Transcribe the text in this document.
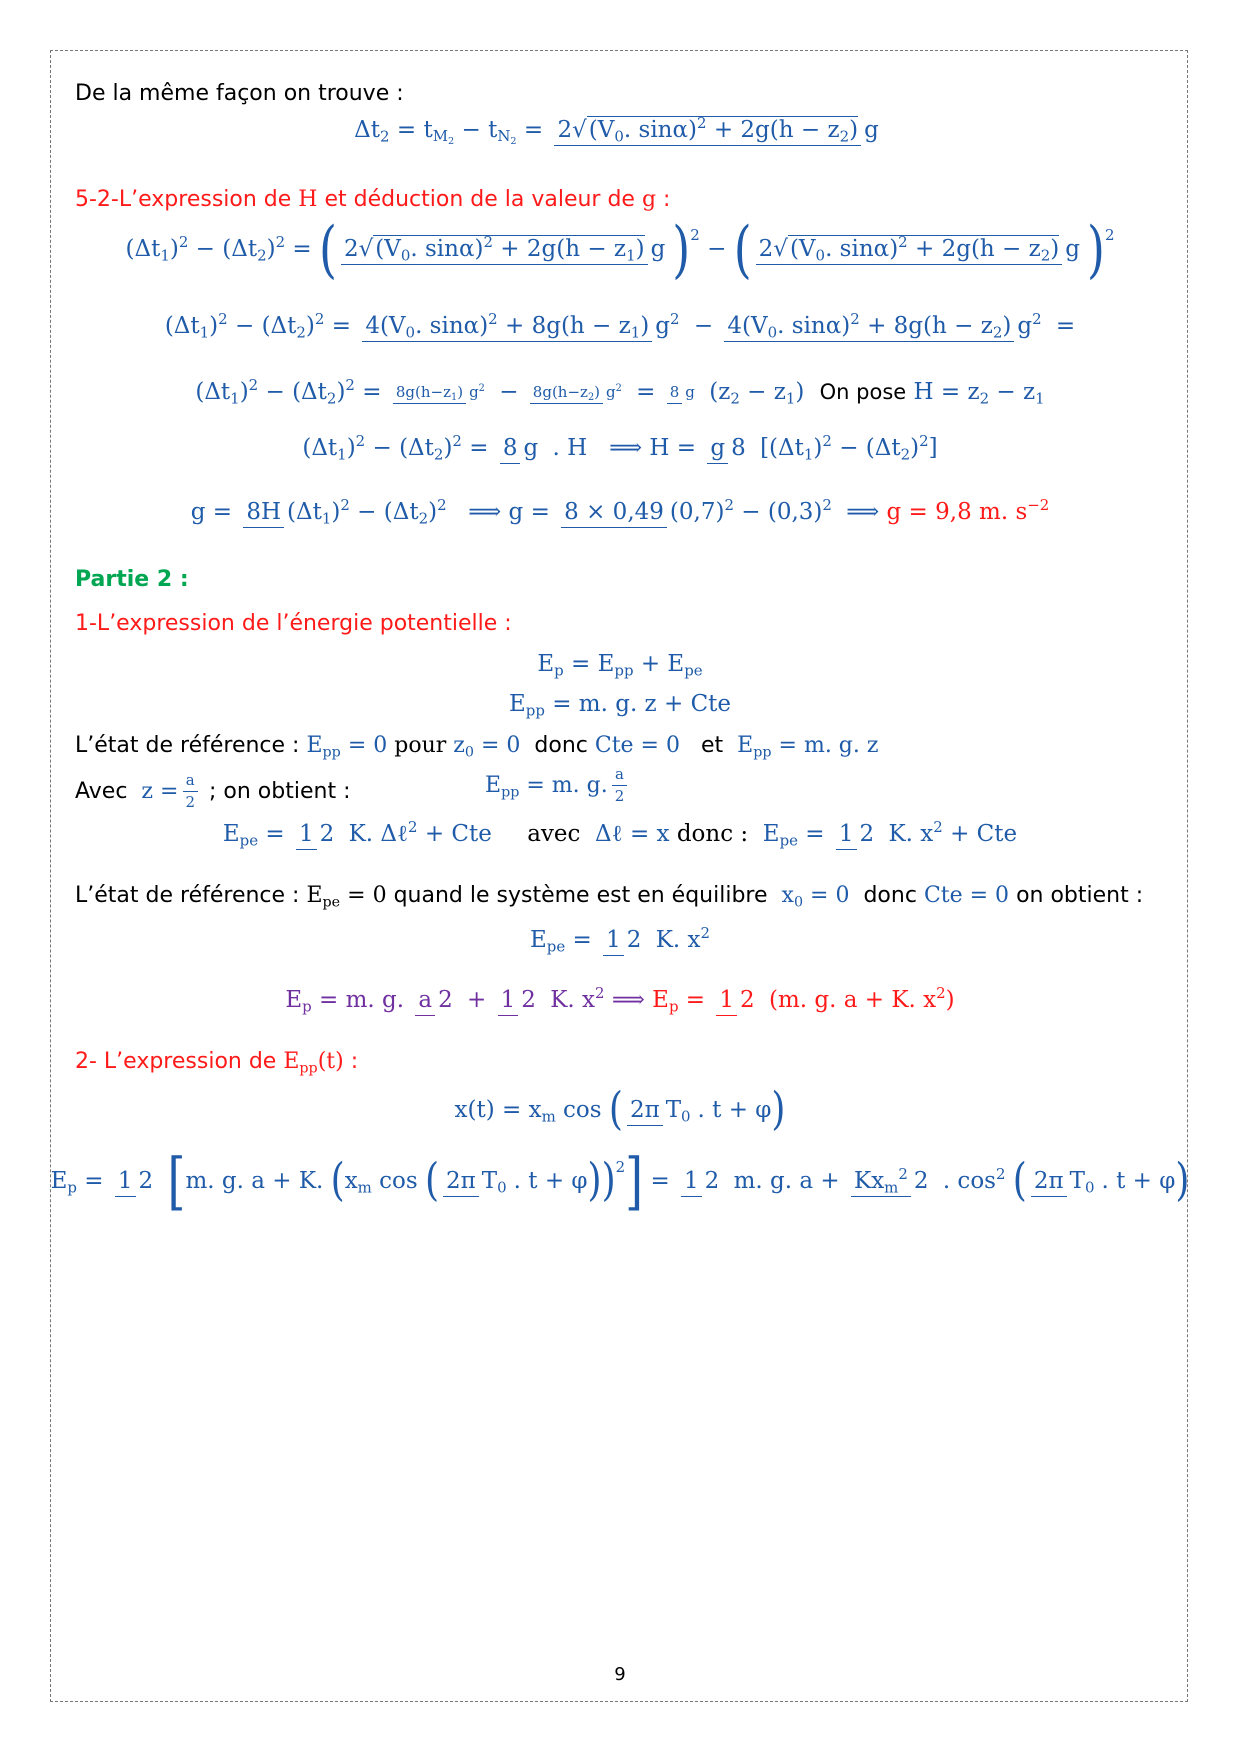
De la même façon on trouve :
$\Delta t_2 = t_{M_2} - t_{N_2} = 2√(V_0$. $\sin\alpha)^2 + 2g(h - z_2)$ g
5-2-L’expression de H et déduction de la valeur de g :
$(\Delta t_1)^2 - (\Delta t_2)^2$ = ( $2√(V_0$. $\sin\alpha)^2 + 2g(h - z_1)$ g )2 − ( $2√(V_0$. $\sin\alpha)^2 + 2g(h - z_2)$ g )2
$(\Delta t_1)^2 - (\Delta t_2)^2 = 4(V_0$. $\sin\alpha)^2 + 8g(h - z_1)$ $g^2 - 4(V_0$. $\sin\alpha)^2 + 8g(h - z_2)$ $g^2$ =
$(\Delta t_1)^2 - (\Delta t_2)^2 = 8g(h-z_1) g^2 - 8g(h-z_2) g^2 = 8$ g $(z_2 - z_1)$ On pose $H = z_2 - z_1$
$(\Delta t_1)^2 - (\Delta t_2)^2 = 8$ g . H   ⟹ H = g 8 $[(\Delta t_1)^2 - (\Delta t_2)^2]$
g = 8H $(\Delta t_1)^2 - (\Delta t_2)^2$  ⟹ g = 8 × 0,49 $(0,7)^2 - (0,3)^2$ ⟹ g = 9,8 m. $s^{-2}$
Partie 2 :
1-L’expression de l’énergie potentielle :
$E_p = E_{pp} + E_{pe}$
$E_{pp} = m$. g. z + Cte
L’état de référence : $E_{pp} = 0$ pour $z_0 = 0$ donc Cte = 0 et $E_{pp} = m$. g. z
Avec $z = \frac{a}{2}$ ; on obtient :	$E_{pp} = m$. g. $\frac{a}{2}$
$E_{pe} = 1$ 2 K. Δℓ$^2$ + Cte avec  Δℓ = x donc :  $E_{pe} = 1$ 2 K. $x^2$ + Cte
L’état de référence : $E_{pe} = 0$ quand le système est en équilibre $x_0 = 0$ donc Cte = 0 on obtient :
$E_{pe} = 1$ 2 K. $x^2$
$E_p = m$. g. a 2 + 1 2 K. $x^2$ ⟹ $E_p = 1$ 2 (m. g. a + K. $x^2$)
2- L’expression de $E_{pp}(t)$ :
$x(t) = x_m$ cos ( 2π $T_0$ . t + φ)
$E_p = 1$ 2 [m. g. a + K. ($x_m$ cos ( 2π $T_0$ . t + φ))2] = 1 2 m. g. $a + Kx_m^2$ 2 . $\cos^2$ ( 2π $T_0$ . t + φ)
9
